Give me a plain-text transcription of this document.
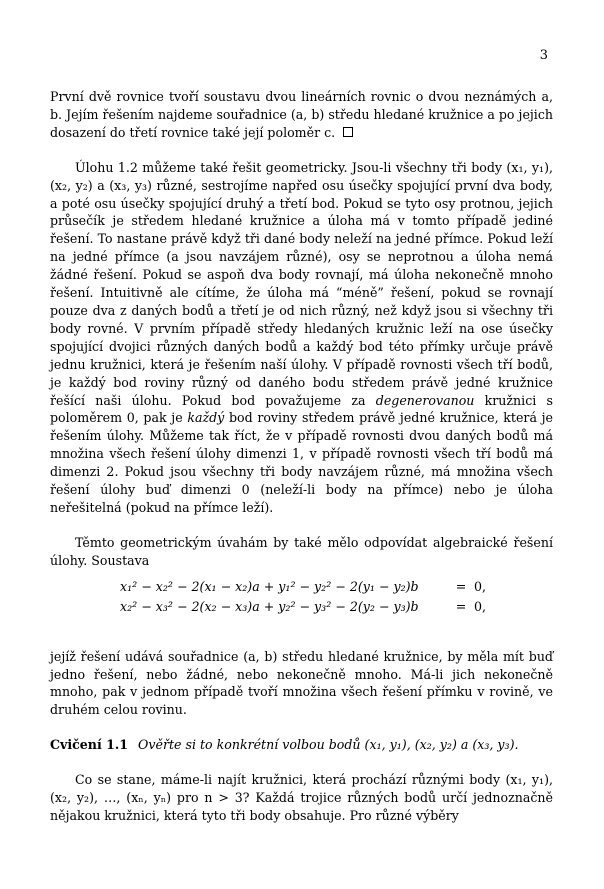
3

První dvě rovnice tvoří soustavu dvou lineárních rovnic o dvou neznámých a, b. Jejím řešením najdeme souřadnice (a, b) středu hledané kružnice a po jejich dosazení do třetí rovnice také její poloměr c.

Úlohu 1.2 můžeme také řešit geometricky. Jsou-li všechny tři body (x₁, y₁), (x₂, y₂) a (x₃, y₃) různé, sestrojíme napřed osu úsečky spojující první dva body, a poté osu úsečky spojující druhý a třetí bod. Pokud se tyto osy protnou, jejich průsečík je středem hledané kružnice a úloha má v tomto případě jediné řešení. To nastane právě když tři dané body neleží na jedné přímce. Pokud leží na jedné přímce (a jsou navzájem různé), osy se neprotnou a úloha nemá žádné řešení. Pokud se aspoň dva body rovnají, má úloha nekonečně mnoho řešení. Intuitivně ale cítíme, že úloha má “méně” řešení, pokud se rovnají pouze dva z daných bodů a třetí je od nich různý, než když jsou si všechny tři body rovné. V prvním případě středy hledaných kružnic leží na ose úsečky spojující dvojici různých daných bodů a každý bod této přímky určuje právě jednu kružnici, která je řešením naší úlohy. V případě rovnosti všech tří bodů, je každý bod roviny různý od daného bodu středem právě jedné kružnice řešící naši úlohu. Pokud bod považujeme za degenerovanou kružnici s poloměrem 0, pak je každý bod roviny středem právě jedné kružnice, která je řešením úlohy. Můžeme tak říct, že v případě rovnosti dvou daných bodů má množina všech řešení úlohy dimenzi 1, v případě rovnosti všech tří bodů má dimenzi 2. Pokud jsou všechny tři body navzájem různé, má množina všech řešení úlohy buď dimenzi 0 (neleží-li body na přímce) nebo je úloha neřešitelná (pokud na přímce leží).

Těmto geometrickým úvahám by také mělo odpovídat algebraické řešení úlohy. Soustava

x₁² − x₂² − 2(x₁ − x₂)a + y₁² − y₂² − 2(y₁ − y₂)b	= 0,
x₂² − x₃² − 2(x₂ − x₃)a + y₂² − y₃² − 2(y₂ − y₃)b	= 0,

jejíž řešení udává souřadnice (a, b) středu hledané kružnice, by měla mít buď jedno řešení, nebo žádné, nebo nekonečně mnoho. Má-li jich nekonečně mnoho, pak v jednom případě tvoří množina všech řešení přímku v rovině, ve druhém celou rovinu.

Cvičení 1.1 Ověřte si to konkrétní volbou bodů (x₁, y₁), (x₂, y₂) a (x₃, y₃).

Co se stane, máme-li najít kružnici, která prochází různými body (x₁, y₁), (x₂, y₂), …, (xₙ, yₙ) pro n > 3? Každá trojice různých bodů určí jednoznačně nějakou kružnici, která tyto tři body obsahuje. Pro různé výběry
